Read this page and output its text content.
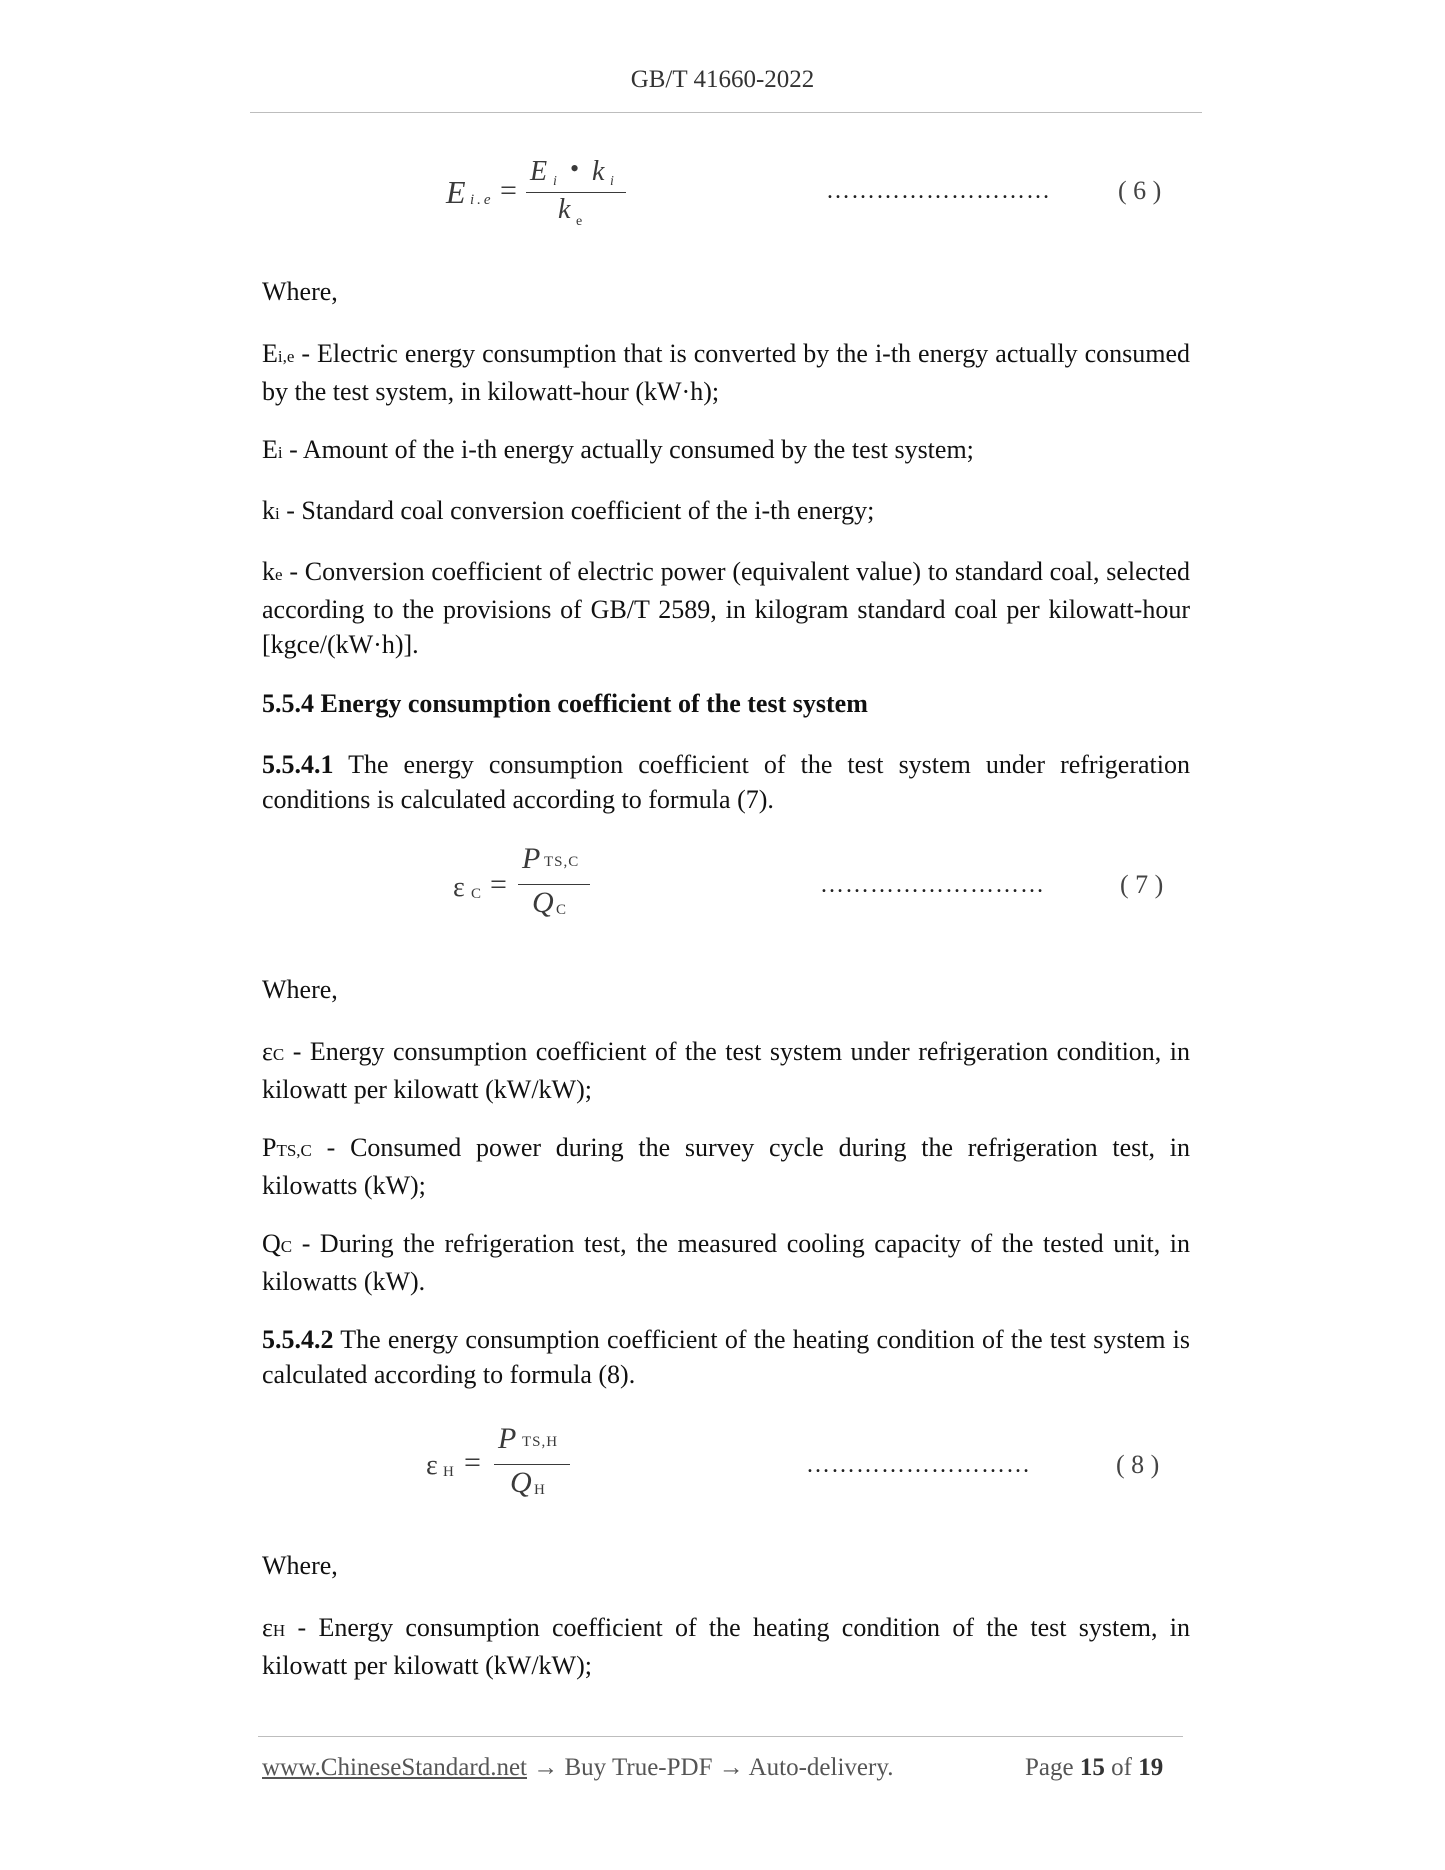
GB/T 41660-2022
E i.e =
E i • k i
k e
………………………	( 6 )
Where,
Ei,e - Electric energy consumption that is converted by the i-th energy actually consumed by the test system, in kilowatt-hour (kW·h);
Ei - Amount of the i-th energy actually consumed by the test system;
ki - Standard coal conversion coefficient of the i-th energy;
ke - Conversion coefficient of electric power (equivalent value) to standard coal, selected according to the provisions of GB/T 2589, in kilogram standard coal per kilowatt-hour [kgce/(kW·h)].
5.5.4 Energy consumption coefficient of the test system
5.5.4.1 The energy consumption coefficient of the test system under refrigeration conditions is calculated according to formula (7).
ε C =
P TS,C
Q C
………………………	( 7 )
Where,
εC - Energy consumption coefficient of the test system under refrigeration condition, in kilowatt per kilowatt (kW/kW);
PTS,C - Consumed power during the survey cycle during the refrigeration test, in kilowatts (kW);
QC - During the refrigeration test, the measured cooling capacity of the tested unit, in kilowatts (kW).
5.5.4.2 The energy consumption coefficient of the heating condition of the test system is calculated according to formula (8).
ε H =
P TS,H
Q H
………………………	( 8 )
Where,
εH - Energy consumption coefficient of the heating condition of the test system, in kilowatt per kilowatt (kW/kW);
www.ChineseStandard.net → Buy True-PDF → Auto-delivery.	Page 15 of 19
